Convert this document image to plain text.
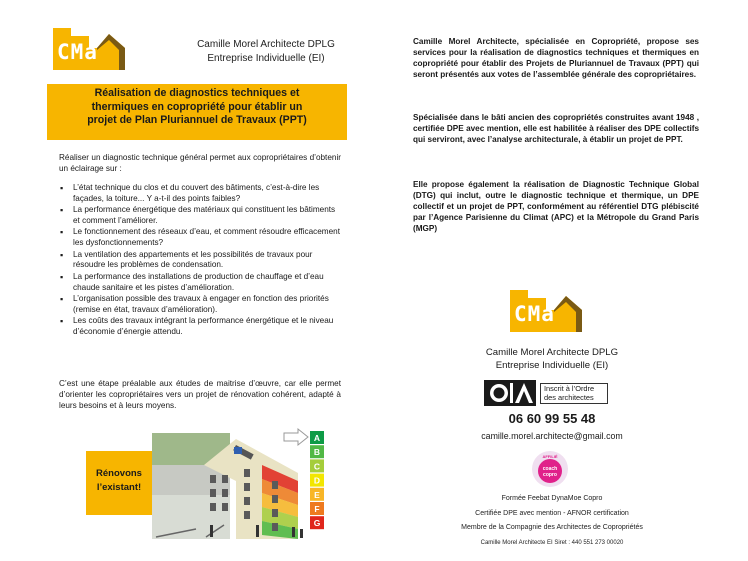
CMa	Camille Morel Architecte DPLG
Entreprise Individuelle (EI)
Réalisation de diagnostics techniques et
thermiques en copropriété pour établir un
projet de Plan Pluriannuel de Travaux (PPT)

Réaliser un diagnostic technique général permet aux copropriétaires d’obtenir un éclairage sur :

▪ L’état technique du clos et du couvert des bâtiments, c’est-à-dire les façades, la toiture... Y a-t-il des points faibles?
▪ La performance énergétique des matériaux qui constituent les bâtiments et comment l’améliorer.
▪ Le fonctionnement des réseaux d’eau, et comment résoudre efficacement les dysfonctionnements?
▪ La ventilation des appartements et les possibilités de travaux pour résoudre les problèmes de condensation.
▪ La performance des installations de production de chauffage et d’eau chaude sanitaire et les pistes d’amélioration.
▪ L’organisation possible des travaux à engager en fonction des priorités (remise en état, travaux d’amélioration).
▪ Les coûts des travaux intégrant la performance énergétique et le niveau d’économie d’énergie attendu.

C’est une étape préalable aux études de maitrise d’œuvre, car elle permet d’orienter les copropriétaires vers un projet de rénovation cohérent, adapté à leurs besoins et à leurs moyens.

A
B
C
D
E
F
G
Rénovons
l’existant!

Camille Morel Architecte, spécialisée en Copropriété, propose ses services pour la réalisation de diagnostics techniques et thermiques en copropriété pour établir des Projets de Pluriannuel de Travaux (PPT) qui seront présentés aux votes de l’assemblée générale des copropriétaires.

Spécialisée dans le bâti ancien des copropriétés construites avant 1948 , certifiée DPE avec mention, elle est habilitée à réaliser des DPE collectifs qui serviront, avec l’analyse architecturale, à établir un projet de PPT.

Elle propose également la réalisation de Diagnostic Technique Global (DTG) qui inclut, outre le diagnostic technique et thermique, un DPE collectif et un projet de PPT, conformément au référentiel DTG plébiscité par l’Agence Parisienne du Climat (APC) et la Métropole du Grand Paris (MGP)

CMa
Camille Morel Architecte DPLG
Entreprise Individuelle (EI)
Inscrit à l’Ordre
des architectes
06 60 99 55 48
camille.morel.architecte@gmail.com
AFFILIÉ
coach
copro
Formée Feebat DynaMoe Copro
Certifiée DPE avec mention - AFNOR certification
Membre de la Compagnie des Architectes de Copropriétés
Camille Morel Architecte EI Siret : 440 551 273 00020
